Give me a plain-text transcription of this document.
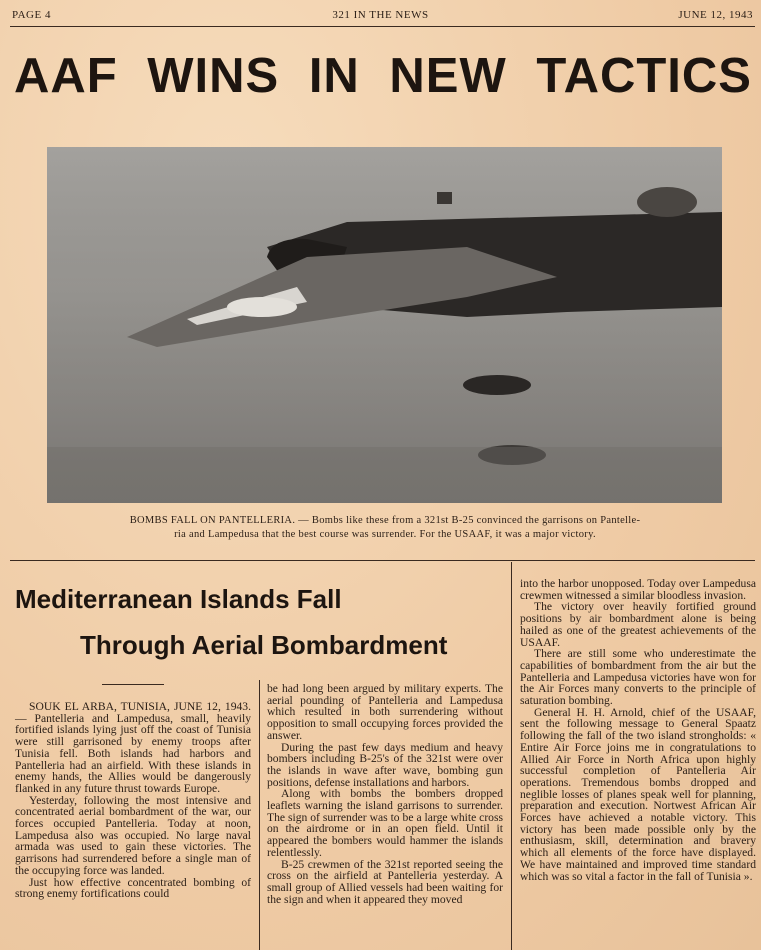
PAGE 4	321 IN THE NEWS	JUNE 12, 1943
AAF WINS IN NEW TACTICS
BOMBS FALL ON PANTELLERIA. — Bombs like these from a 321st B-25 convinced the garrisons on Pantelle-
ria and Lampedusa that the best course was surrender. For the USAAF, it was a major victory.
Mediterranean Islands Fall
Through Aerial Bombardment

SOUK EL ARBA, TUNISIA, JUNE 12, 1943. — Pantelleria and Lampedusa, small, heavily fortified islands lying just off the coast of Tunisia were still garrisoned by enemy troops after Tunisia fell. Both islands had harbors and Pantelleria had an airfield. With these islands in enemy hands, the Allies would be dangerously flanked in any future thrust towards Europe.

Yesterday, following the most intensive and concentrated aerial bombardment of the war, our forces occupied Pantelleria. Today at noon, Lampedusa also was occupied. No large naval armada was used to gain these victories. The garrisons had surrendered before a single man of the occupying force was landed.

Just how effective concentrated bombing of strong enemy fortifications could

be had long been argued by military experts. The aerial pounding of Pantelleria and Lampedusa which resulted in both surrendering without opposition to small occupying forces provided the answer.

During the past few days medium and heavy bombers including B-25's of the 321st were over the islands in wave after wave, bombing gun positions, defense installations and harbors.

Along with bombs the bombers dropped leaflets warning the island garrisons to surrender. The sign of surrender was to be a large white cross on the airdrome or in an open field. Until it appeared the bombers would hammer the islands relentlessly.

B-25 crewmen of the 321st reported seeing the cross on the airfield at Pantelleria yesterday. A small group of Allied vessels had been waiting for the sign and when it appeared they moved

into the harbor unopposed. Today over Lampedusa crewmen witnessed a similar bloodless invasion.

The victory over heavily fortified ground positions by air bombardment alone is being hailed as one of the greatest achievements of the USAAF.

There are still some who underestimate the capabilities of bombardment from the air but the Pantelleria and Lampedusa victories have won for the Air Forces many converts to the principle of saturation bombing.

General H. H. Arnold, chief of the USAAF, sent the following message to General Spaatz following the fall of the two island strongholds: « Entire Air Force joins me in congratulations to Allied Air Force in North Africa upon highly successful completion of Pantelleria Air operations. Tremendous bombs dropped and neglible losses of planes speak well for planning, preparation and execution. Nortwest African Air Forces have achieved a notable victory. This victory has been made possible only by the enthusiasm, skill, determination and bravery which all elements of the force have displayed. We have maintained and improved time standard which was so vital a factor in the fall of Tunisia ».
